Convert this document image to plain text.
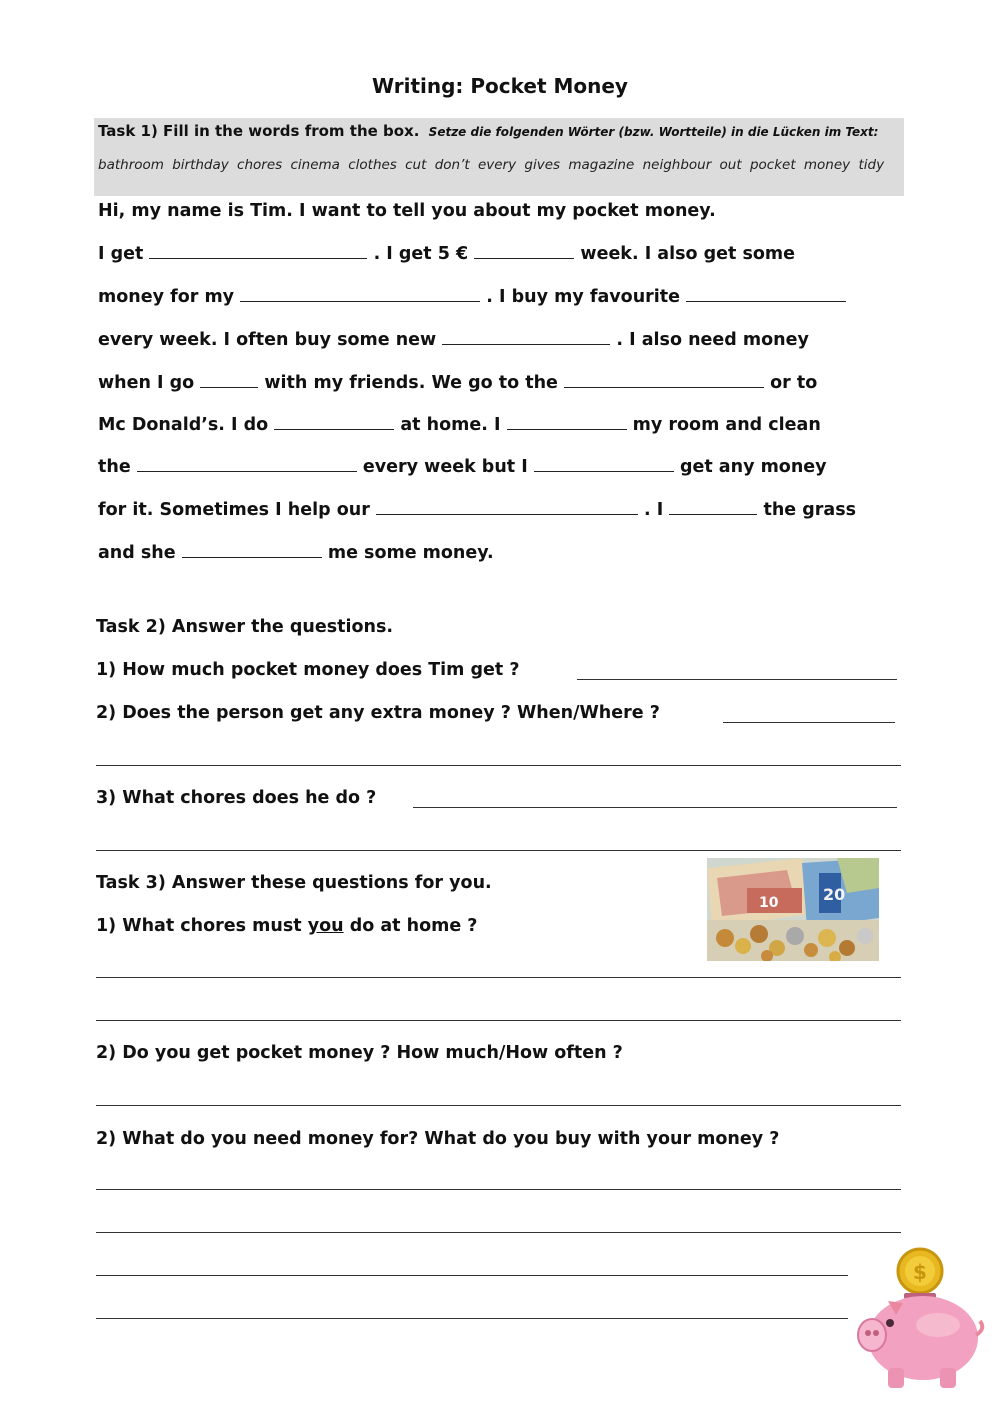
Writing: Pocket Money
Task 1) Fill in the words from the box. Setze die folgenden Wörter (bzw. Wortteile) in die Lücken im Text:
bathroom birthday chores cinema clothes cut don’t every gives magazine neighbour out pocket money tidy
Hi, my name is Tim. I want to tell you about my pocket money.
I get	. I get 5 €	week. I also get some
money for my	. I buy my favourite
every week. I often buy some new	. I also need money
when I go	with my friends. We go to the	or to
Mc Donald’s. I do	at home. I	my room and clean
the	every week but I	get any money
for it. Sometimes I help our	. I	the grass
and she	me some money.
Task 2) Answer the questions.
1) How much pocket money does Tim get ?
2) Does the person get any extra money ? When/Where ?
3) What chores does he do ?
Task 3) Answer these questions for you.
1) What chores must you do at home ?
2) Do you get pocket money ? How much/How often ?
2) What do you need money for? What do you buy with your money ?
20
10
$
